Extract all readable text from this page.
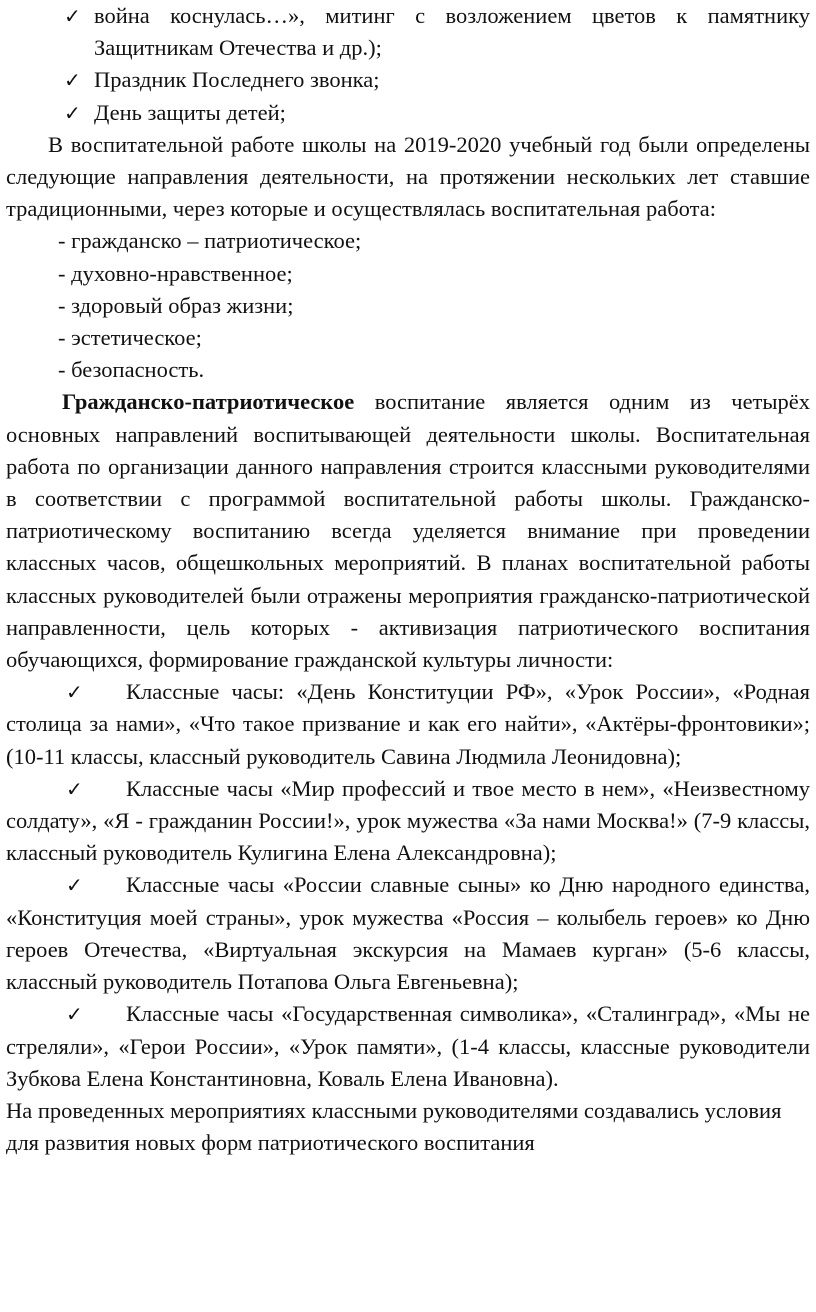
✓ война коснулась…», митинг с возложением цветов к памятнику Защитникам Отечества и др.);
✓ Праздник Последнего звонка;
✓ День защиты детей;

В воспитательной работе школы на 2019-2020 учебный год были определены следующие направления деятельности, на протяжении нескольких лет ставшие традиционными, через которые и осуществлялась воспитательная работа:

- гражданско – патриотическое;

- духовно-нравственное;

- здоровый образ жизни;

- эстетическое;

- безопасность.

Гражданско-патриотическое воспитание является одним из четырёх основных направлений воспитывающей деятельности школы. Воспитательная работа по организации данного направления строится классными руководителями в соответствии с программой воспитательной работы школы. Гражданско-патриотическому воспитанию всегда уделяется внимание при проведении классных часов, общешкольных мероприятий. В планах воспитательной работы классных руководителей были отражены мероприятия гражданско-патриотической направленности, цель которых - активизация патриотического воспитания обучающихся, формирование гражданской культуры личности:

✓ Классные часы: «День Конституции РФ», «Урок России», «Родная столица за нами», «Что такое призвание и как его найти», «Актёры-фронтовики»; (10-11 классы, классный руководитель Савина Людмила Леонидовна);

✓ Классные часы «Мир профессий и твое место в нем», «Неизвестному солдату», «Я - гражданин России!», урок мужества «За нами Москва!» (7-9 классы, классный руководитель Кулигина Елена Александровна);

✓ Классные часы «России славные сыны» ко Дню народного единства, «Конституция моей страны», урок мужества «Россия – колыбель героев» ко Дню героев Отечества, «Виртуальная экскурсия на Мамаев курган» (5-6 классы, классный руководитель Потапова Ольга Евгеньевна);

✓ Классные часы «Государственная символика», «Сталинград», «Мы не стреляли», «Герои России», «Урок памяти», (1-4 классы, классные руководители Зубкова Елена Константиновна, Коваль Елена Ивановна).

На проведенных мероприятиях классными руководителями создавались условия для развития новых форм патриотического воспитания
